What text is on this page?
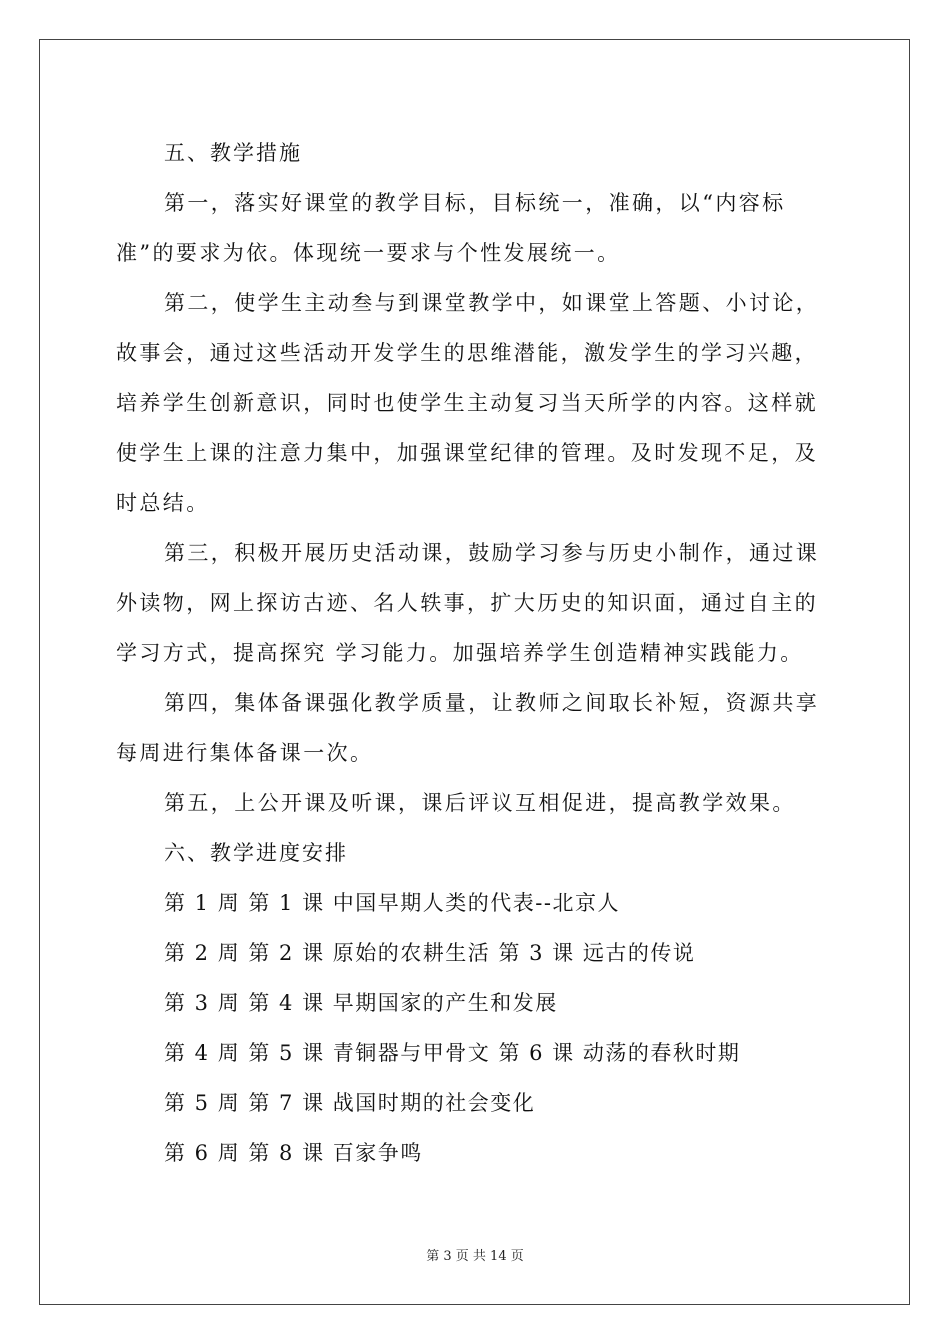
五、教学措施

第一，落实好课堂的教学目标，目标统一，准确，以“内容标准”的要求为依。体现统一要求与个性发展统一。

第二，使学生主动叁与到课堂教学中，如课堂上答题、小讨论，故事会，通过这些活动开发学生的思维潜能，激发学生的学习兴趣，培养学生创新意识，同时也使学生主动复习当天所学的内容。这样就使学生上课的注意力集中，加强课堂纪律的管理。及时发现不足，及时总结。

第三，积极开展历史活动课，鼓励学习参与历史小制作，通过课外读物，网上探访古迹、名人轶事，扩大历史的知识面，通过自主的学习方式，提高探究 学习能力。加强培养学生创造精神实践能力。

第四，集体备课强化教学质量，让教师之间取长补短，资源共享每周进行集体备课一次。

第五，上公开课及听课，课后评议互相促进，提高教学效果。

六、教学进度安排

第 1 周 第 1 课 中国早期人类的代表--北京人

第 2 周 第 2 课 原始的农耕生活 第 3 课 远古的传说

第 3 周 第 4 课 早期国家的产生和发展

第 4 周 第 5 课 青铜器与甲骨文 第 6 课 动荡的春秋时期

第 5 周 第 7 课 战国时期的社会变化

第 6 周 第 8 课 百家争鸣

第 3 页 共 14 页
